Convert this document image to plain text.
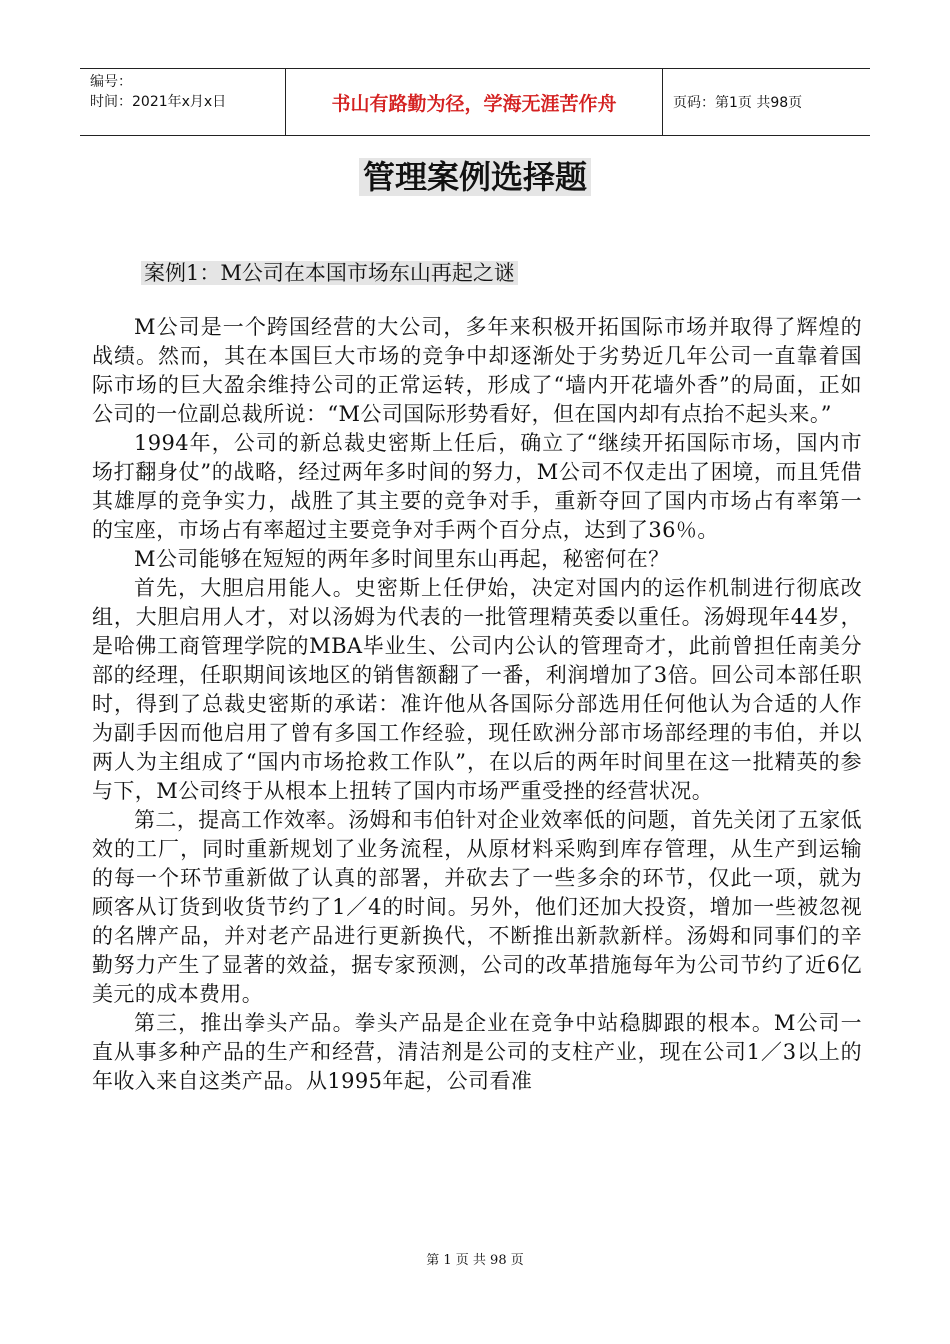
编号：
时间：2021年x月x日	书山有路勤为径，学海无涯苦作舟	页码：第1页 共98页
管理案例选择题
案例1：M公司在本国市场东山再起之谜

M公司是一个跨国经营的大公司，多年来积极开拓国际市场并取得了辉煌的战绩。然而，其在本国巨大市场的竞争中却逐渐处于劣势近几年公司一直靠着国际市场的巨大盈余维持公司的正常运转，形成了“墙内开花墙外香”的局面，正如公司的一位副总裁所说：“M公司国际形势看好，但在国内却有点抬不起头来。”

1994年，公司的新总裁史密斯上任后，确立了“继续开拓国际市场，国内市场打翻身仗”的战略，经过两年多时间的努力，M公司不仅走出了困境，而且凭借其雄厚的竞争实力，战胜了其主要的竞争对手，重新夺回了国内市场占有率第一的宝座，市场占有率超过主要竞争对手两个百分点，达到了36％。

M公司能够在短短的两年多时间里东山再起，秘密何在？

首先，大胆启用能人。史密斯上任伊始，决定对国内的运作机制进行彻底改组，大胆启用人才，对以汤姆为代表的一批管理精英委以重任。汤姆现年44岁，是哈佛工商管理学院的MBA毕业生、公司内公认的管理奇才，此前曾担任南美分部的经理，任职期间该地区的销售额翻了一番，利润增加了3倍。回公司本部任职时，得到了总裁史密斯的承诺：准许他从各国际分部选用任何他认为合适的人作为副手因而他启用了曾有多国工作经验，现任欧洲分部市场部经理的韦伯，并以两人为主组成了“国内市场抢救工作队”，在以后的两年时间里在这一批精英的参与下，M公司终于从根本上扭转了国内市场严重受挫的经营状况。

第二，提高工作效率。汤姆和韦伯针对企业效率低的问题，首先关闭了五家低效的工厂，同时重新规划了业务流程，从原材料采购到库存管理，从生产到运输的每一个环节重新做了认真的部署，并砍去了一些多余的环节，仅此一项，就为顾客从订货到收货节约了1／4的时间。另外，他们还加大投资，增加一些被忽视的名牌产品，并对老产品进行更新换代，不断推出新款新样。汤姆和同事们的辛勤努力产生了显著的效益，据专家预测，公司的改革措施每年为公司节约了近6亿美元的成本费用。

第三，推出拳头产品。拳头产品是企业在竞争中站稳脚跟的根本。M公司一直从事多种产品的生产和经营，清洁剂是公司的支柱产业，现在公司1／3以上的年收入来自这类产品。从1995年起，公司看准

第 1 页 共 98 页
